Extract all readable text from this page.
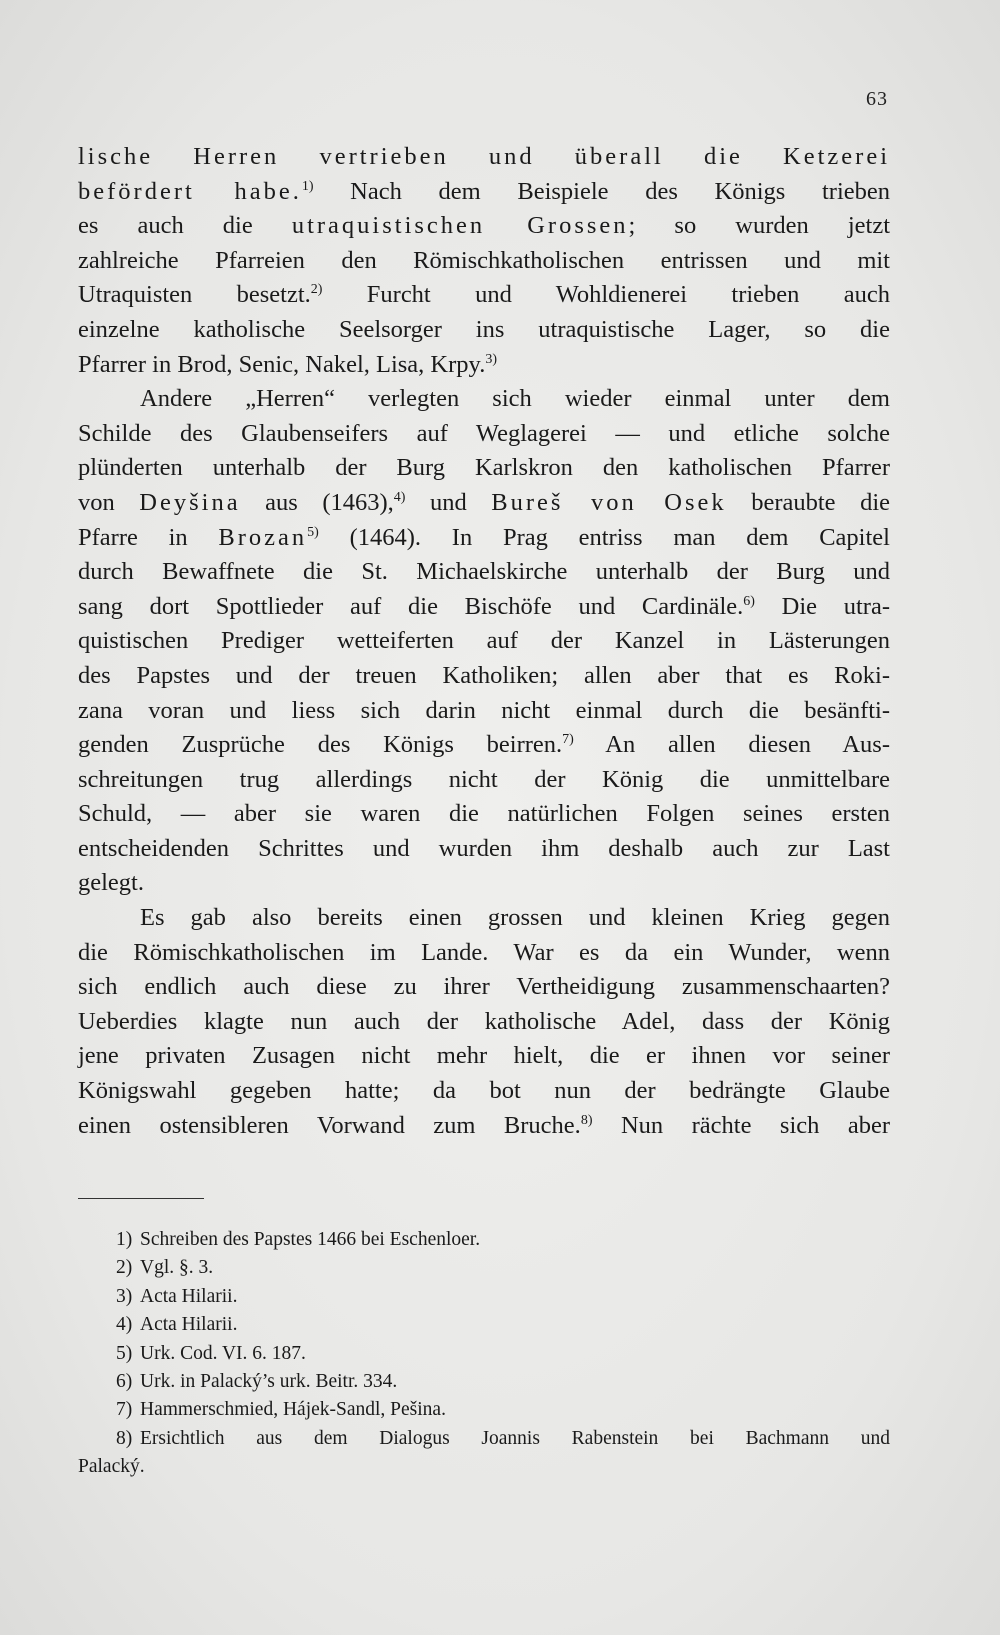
63
lische Herren vertrieben und überall die Ketzerei
befördert habe.$^{1)}$ Nach dem Beispiele des Königs trieben
es auch die utraquistischen Grossen; so wurden jetzt
zahlreiche Pfarreien den Römischkatholischen entrissen und mit
Utraquisten besetzt.$^{2)}$ Furcht und Wohldienerei trieben auch
einzelne katholische Seelsorger ins utraquistische Lager, so die
Pfarrer in Brod, Senic, Nakel, Lisa, Krpy.$^{3)}$
Andere „Herren“ verlegten sich wieder einmal unter dem
Schilde des Glaubenseifers auf Weglagerei — und etliche solche
plünderten unterhalb der Burg Karlskron den katholischen Pfarrer
von Deyšina aus (1463),$^{4)}$ und Bureš von Osek beraubte die
Pfarre in Brozan$^{5)}$ (1464). In Prag entriss man dem Capitel
durch Bewaffnete die St. Michaelskirche unterhalb der Burg und
sang dort Spottlieder auf die Bischöfe und Cardinäle.$^{6)}$ Die utra-
quistischen Prediger wetteiferten auf der Kanzel in Lästerungen
des Papstes und der treuen Katholiken; allen aber that es Roki-
zana voran und liess sich darin nicht einmal durch die besänfti-
genden Zusprüche des Königs beirren.$^{7)}$ An allen diesen Aus-
schreitungen trug allerdings nicht der König die unmittelbare
Schuld, — aber sie waren die natürlichen Folgen seines ersten
entscheidenden Schrittes und wurden ihm deshalb auch zur Last
gelegt.
Es gab also bereits einen grossen und kleinen Krieg gegen
die Römischkatholischen im Lande. War es da ein Wunder, wenn
sich endlich auch diese zu ihrer Vertheidigung zusammenschaarten?
Ueberdies klagte nun auch der katholische Adel, dass der König
jene privaten Zusagen nicht mehr hielt, die er ihnen vor seiner
Königswahl gegeben hatte; da bot nun der bedrängte Glaube
einen ostensibleren Vorwand zum Bruche.$^{8)}$ Nun rächte sich aber
1) Schreiben des Papstes 1466 bei Eschenloer.
2) Vgl. §. 3.
3) Acta Hilarii.
4) Acta Hilarii.
5) Urk. Cod. VI. 6. 187.
6) Urk. in Palacký’s urk. Beitr. 334.
7) Hammerschmied, Hájek-Sandl, Pešina.
8) Ersichtlich aus dem Dialogus Joannis Rabenstein bei Bachmann und
Palacký.
